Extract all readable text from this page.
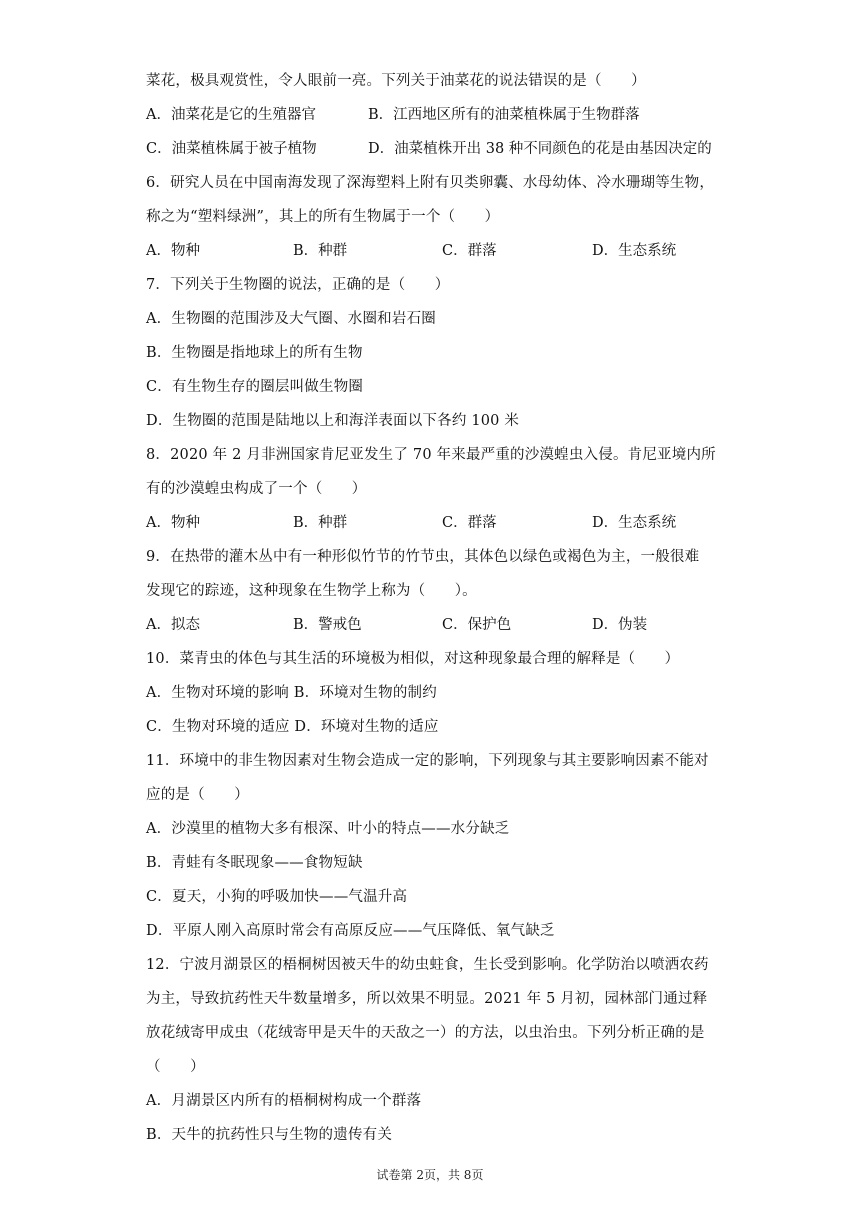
菜花，极具观赏性，令人眼前一亮。下列关于油菜花的说法错误的是（　　）
A．油菜花是它的生殖器官	B．江西地区所有的油菜植株属于生物群落
C．油菜植株属于被子植物	D．油菜植株开出 38 种不同颜色的花是由基因决定的
6．研究人员在中国南海发现了深海塑料上附有贝类卵囊、水母幼体、冷水珊瑚等生物，
称之为“塑料绿洲”，其上的所有生物属于一个（　　）
A．物种	B．种群	C．群落	D．生态系统
7．下列关于生物圈的说法，正确的是（　　）
A．生物圈的范围涉及大气圈、水圈和岩石圈
B．生物圈是指地球上的所有生物
C．有生物生存的圈层叫做生物圈
D．生物圈的范围是陆地以上和海洋表面以下各约 100 米
8．2020 年 2 月非洲国家肯尼亚发生了 70 年来最严重的沙漠蝗虫入侵。肯尼亚境内所
有的沙漠蝗虫构成了一个（　　）
A．物种	B．种群	C．群落	D．生态系统
9．在热带的灌木丛中有一种形似竹节的竹节虫，其体色以绿色或褐色为主，一般很难
发现它的踪迹，这种现象在生物学上称为（　　）。
A．拟态	B．警戒色	C．保护色	D．伪装
10．菜青虫的体色与其生活的环境极为相似，对这种现象最合理的解释是（　　）
A．生物对环境的影响 B．环境对生物的制约
C．生物对环境的适应 D．环境对生物的适应
11．环境中的非生物因素对生物会造成一定的影响，下列现象与其主要影响因素不能对
应的是（　　）
A．沙漠里的植物大多有根深、叶小的特点——水分缺乏
B．青蛙有冬眠现象——食物短缺
C．夏天，小狗的呼吸加快——气温升高
D．平原人刚入高原时常会有高原反应——气压降低、氧气缺乏
12．宁波月湖景区的梧桐树因被天牛的幼虫蛀食，生长受到影响。化学防治以喷洒农药
为主，导致抗药性天牛数量增多，所以效果不明显。2021 年 5 月初，园林部门通过释
放花绒寄甲成虫（花绒寄甲是天牛的天敌之一）的方法，以虫治虫。下列分析正确的是
（　　）
A．月湖景区内所有的梧桐树构成一个群落
B．天牛的抗药性只与生物的遗传有关
试卷第 2页，共 8页
